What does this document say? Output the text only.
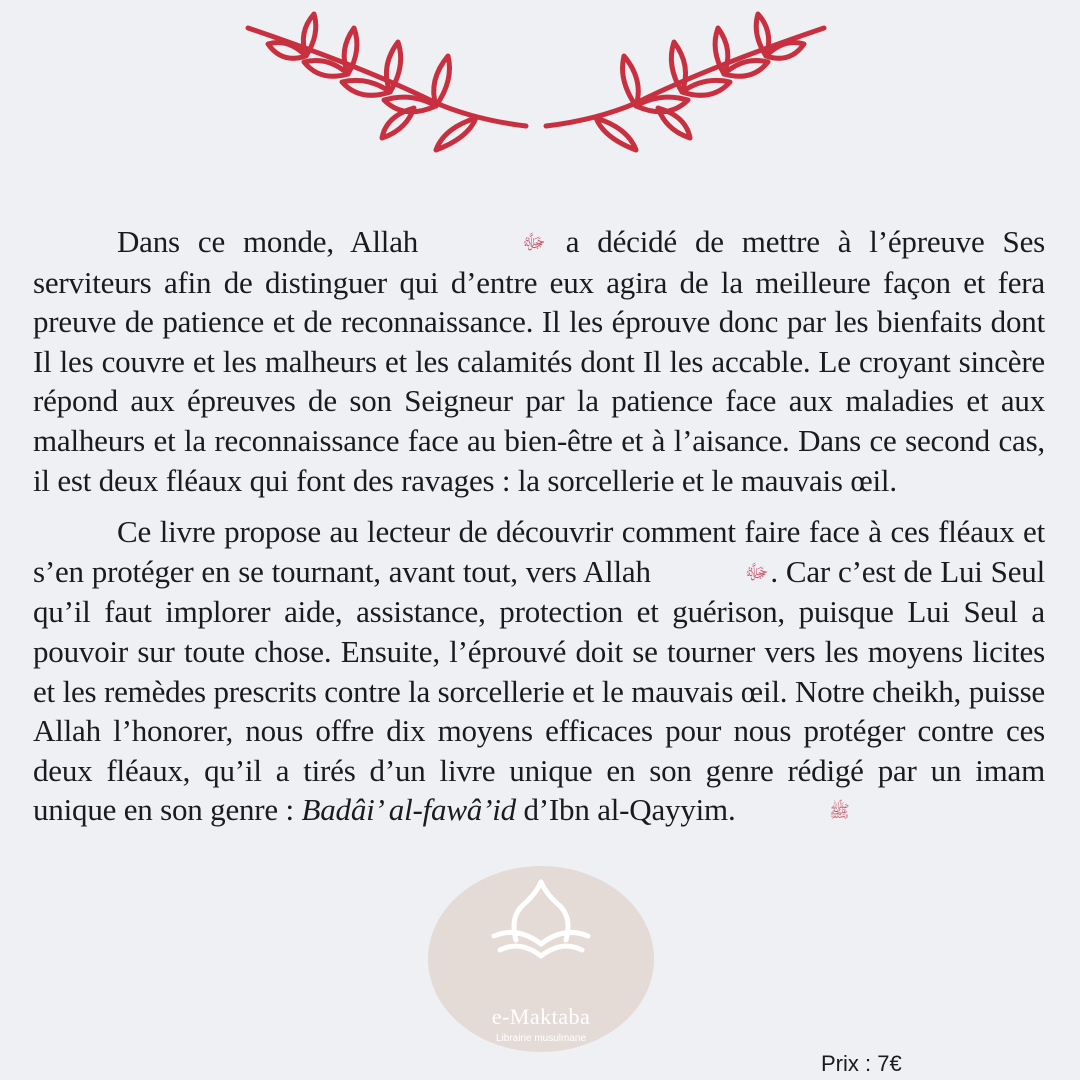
Dans ce monde, Allah	ﷻ a décidé de mettre à l’épreuve Ses serviteurs afin de distinguer qui d’entre eux agira de la meilleure façon et fera preuve de patience et de reconnaissance. Il les éprouve donc par les bienfaits dont Il les couvre et les malheurs et les calamités dont Il les accable. Le croyant sincère répond aux épreuves de son Seigneur par la patience face aux maladies et aux malheurs et la reconnaissance face au bien-être et à l’aisance. Dans ce second cas, il est deux fléaux qui font des ravages : la sorcellerie et le mauvais œil.

Ce livre propose au lecteur de découvrir comment faire face à ces fléaux et s’en protéger en se tournant, avant tout, vers Allah	ﷻ. Car c’est de Lui Seul qu’il faut implorer aide, assistance, protection et guérison, puisque Lui Seul a pouvoir sur toute chose. Ensuite, l’éprouvé doit se tourner vers les moyens licites et les remèdes prescrits contre la sorcellerie et le mauvais œil. Notre cheikh, puisse Allah l’honorer, nous offre dix moyens efficaces pour nous protéger contre ces deux fléaux, qu’il a tirés d’un livre unique en son genre rédigé par un imam unique en son genre : Badâi’ al-fawâ’id d’Ibn al-Qayyim.	ﷺ

e-Maktaba
Librairie musulmane
Prix : 7€
